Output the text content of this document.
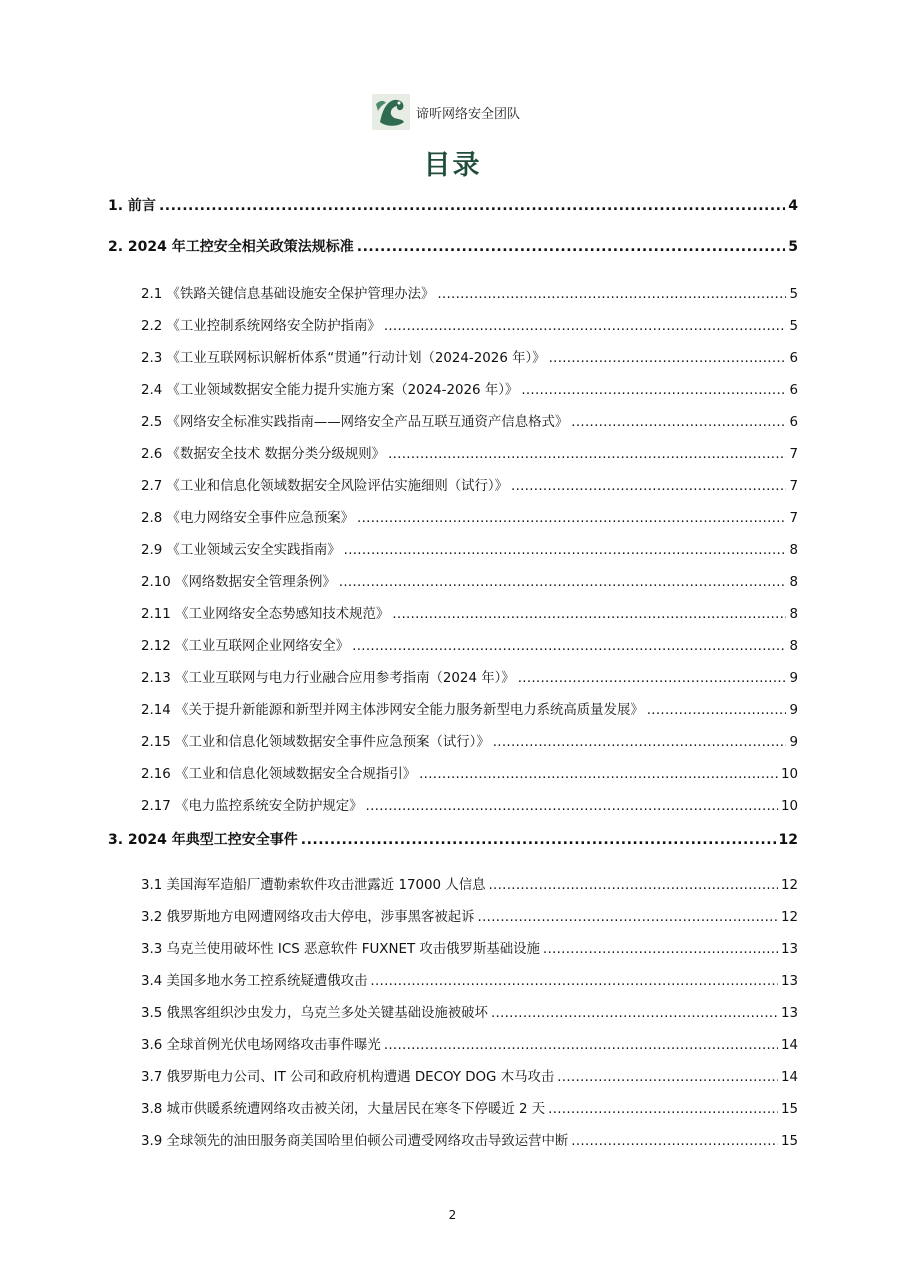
谛听网络安全团队
目录
1. 前言 .....	4
2. 2024 年工控安全相关政策法规标准 .....	5
2.1 《铁路关键信息基础设施安全保护管理办法》 .....	5
2.2 《工业控制系统网络安全防护指南》 .....	5
2.3 《工业互联网标识解析体系“贯通”行动计划（2024-2026 年）》 .....	6
2.4 《工业领域数据安全能力提升实施方案（2024-2026 年）》 .....	6
2.5 《网络安全标准实践指南——网络安全产品互联互通资产信息格式》 .....	6
2.6 《数据安全技术 数据分类分级规则》 .....	7
2.7 《工业和信息化领域数据安全风险评估实施细则（试行）》 .....	7
2.8 《电力网络安全事件应急预案》 .....	7
2.9 《工业领域云安全实践指南》 .....	8
2.10 《网络数据安全管理条例》 .....	8
2.11 《工业网络安全态势感知技术规范》 .....	8
2.12 《工业互联网企业网络安全》 .....	8
2.13 《工业互联网与电力行业融合应用参考指南（2024 年）》 .....	9
2.14 《关于提升新能源和新型并网主体涉网安全能力服务新型电力系统高质量发展》 .....	9
2.15 《工业和信息化领域数据安全事件应急预案（试行）》 .....	9
2.16 《工业和信息化领域数据安全合规指引》 .....	10
2.17 《电力监控系统安全防护规定》 .....	10
3. 2024 年典型工控安全事件 .....	12
3.1 美国海军造船厂遭勒索软件攻击泄露近 17000 人信息 .....	12
3.2 俄罗斯地方电网遭网络攻击大停电，涉事黑客被起诉 .....	12
3.3 乌克兰使用破坏性 ICS 恶意软件 FUXNET 攻击俄罗斯基础设施 .....	13
3.4 美国多地水务工控系统疑遭俄攻击 .....	13
3.5 俄黑客组织沙虫发力，乌克兰多处关键基础设施被破坏 .....	13
3.6 全球首例光伏电场网络攻击事件曝光 .....	14
3.7 俄罗斯电力公司、IT 公司和政府机构遭遇 DECOY DOG 木马攻击 .....	14
3.8 城市供暖系统遭网络攻击被关闭，大量居民在寒冬下停暖近 2 天 .....	15
3.9 全球领先的油田服务商美国哈里伯顿公司遭受网络攻击导致运营中断 .....	15
2
